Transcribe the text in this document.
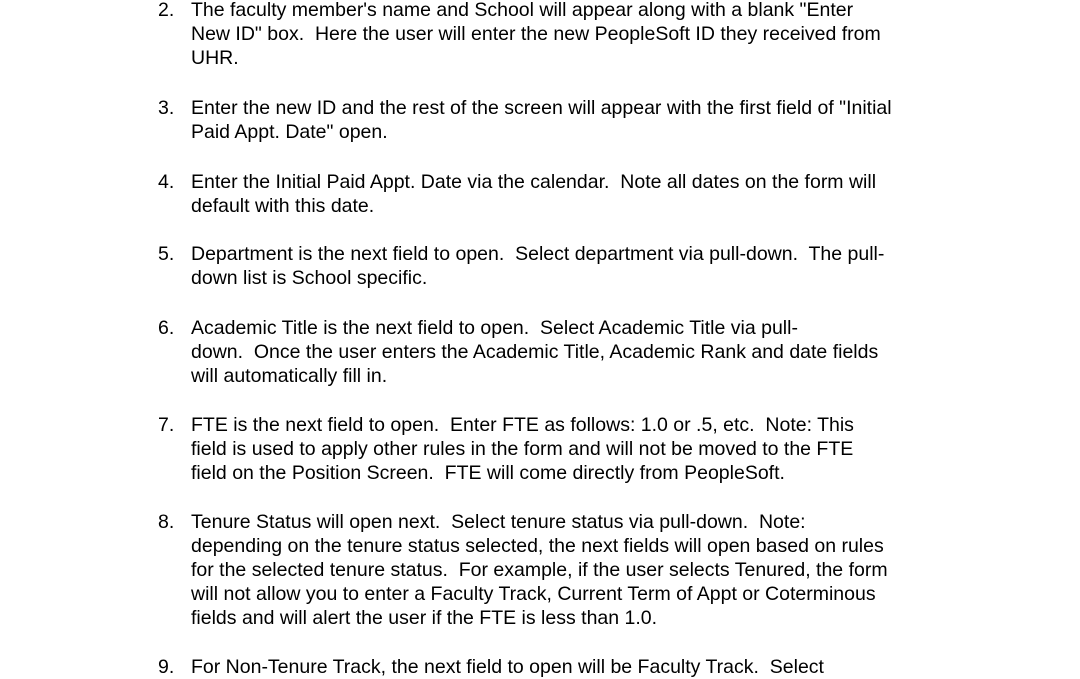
2. The faculty member's name and School will appear along with a blank "Enter
New ID" box.  Here the user will enter the new PeopleSoft ID they received from
UHR.
3. Enter the new ID and the rest of the screen will appear with the first field of "Initial
Paid Appt. Date" open.
4. Enter the Initial Paid Appt. Date via the calendar.  Note all dates on the form will
default with this date.
5. Department is the next field to open.  Select department via pull-down.  The pull-
down list is School specific.
6. Academic Title is the next field to open.  Select Academic Title via pull-
down.  Once the user enters the Academic Title, Academic Rank and date fields
will automatically fill in.
7. FTE is the next field to open.  Enter FTE as follows: 1.0 or .5, etc.  Note: This
field is used to apply other rules in the form and will not be moved to the FTE
field on the Position Screen.  FTE will come directly from PeopleSoft.
8. Tenure Status will open next.  Select tenure status via pull-down.  Note:
depending on the tenure status selected, the next fields will open based on rules
for the selected tenure status.  For example, if the user selects Tenured, the form
will not allow you to enter a Faculty Track, Current Term of Appt or Coterminous
fields and will alert the user if the FTE is less than 1.0.
9. For Non-Tenure Track, the next field to open will be Faculty Track.  Select
